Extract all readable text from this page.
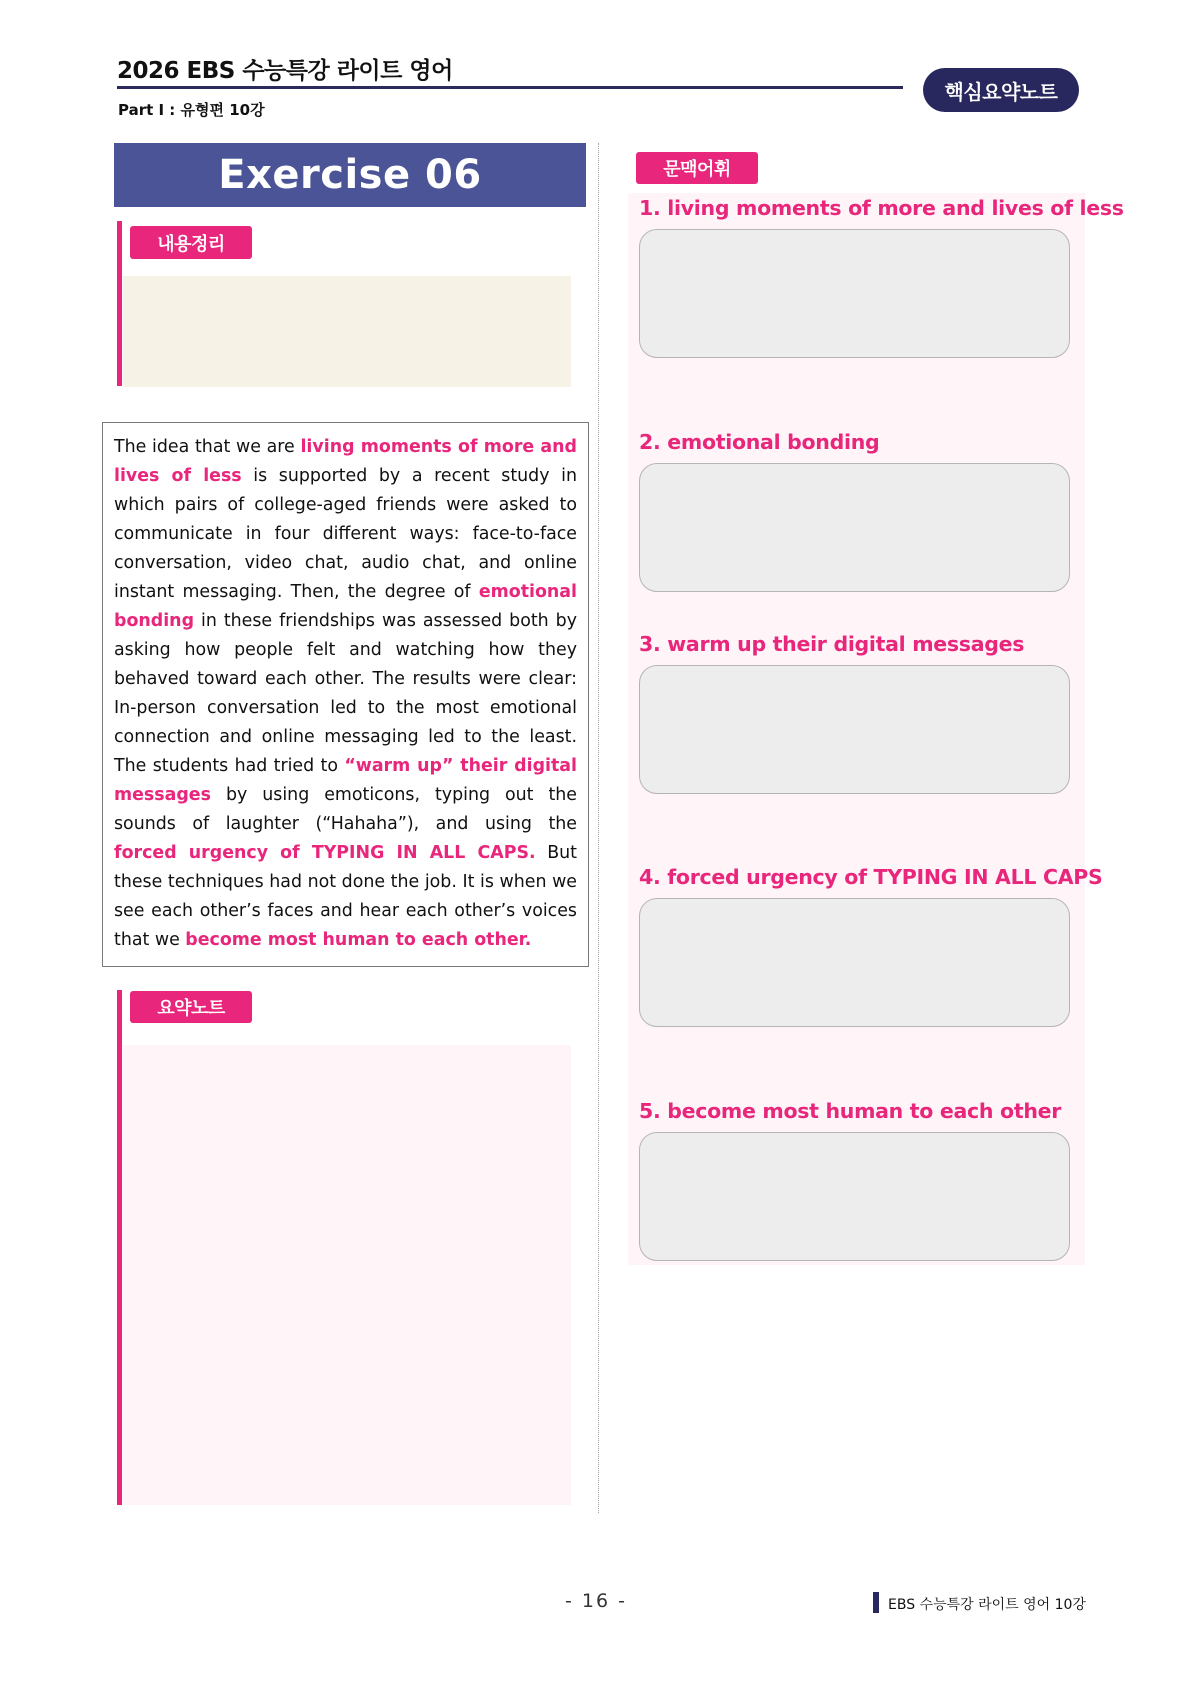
2026 EBS 수능특강 라이트 영어
Part Ⅰ : 유형편 10강
핵심요약노트
Exercise 06
내용정리

The idea that we are living moments of more and lives of less is supported by a recent study in which pairs of college-aged friends were asked to communicate in four different ways: face-to-face conversation, video chat, audio chat, and online instant messaging. Then, the degree of emotional bonding in these friendships was assessed both by asking how people felt and watching how they behaved toward each other. The results were clear: In-person conversation led to the most emotional connection and online messaging led to the least. The students had tried to “warm up” their digital messages by using emoticons, typing out the sounds of laughter (“Hahaha”), and using the forced urgency of TYPING IN ALL CAPS. But these techniques had not done the job. It is when we see each other’s faces and hear each other’s voices that we become most human to each other.

요약노트
문맥어휘
1. living moments of more and lives of less
2. emotional bonding
3. warm up their digital messages
4. forced urgency of TYPING IN ALL CAPS
5. become most human to each other
- 16 -	EBS 수능특강 라이트 영어 10강
